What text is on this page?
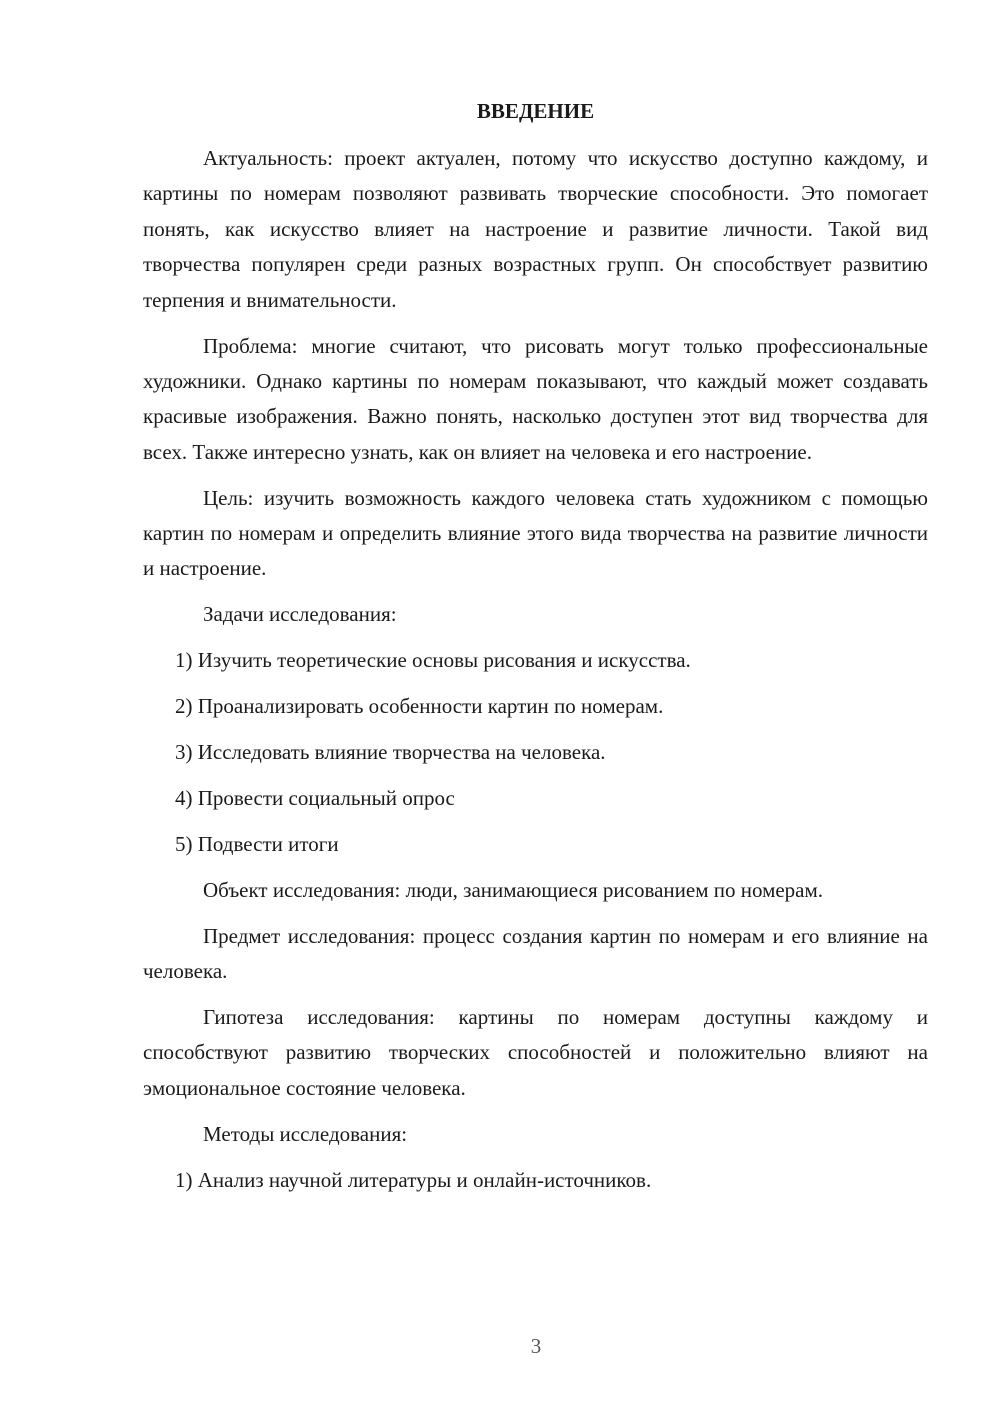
ВВЕДЕНИЕ

Актуальность: проект актуален, потому что искусство доступно каждому, и картины по номерам позволяют развивать творческие способности. Это помогает понять, как искусство влияет на настроение и развитие личности. Такой вид творчества популярен среди разных возрастных групп. Он способствует развитию терпения и внимательности.

Проблема: многие считают, что рисовать могут только профессиональные художники. Однако картины по номерам показывают, что каждый может создавать красивые изображения. Важно понять, насколько доступен этот вид творчества для всех. Также интересно узнать, как он влияет на человека и его настроение.

Цель: изучить возможность каждого человека стать художником с помощью картин по номерам и определить влияние этого вида творчества на развитие личности и настроение.

Задачи исследования:

1) Изучить теоретические основы рисования и искусства.

2) Проанализировать особенности картин по номерам.

3) Исследовать влияние творчества на человека.

4) Провести социальный опрос

5) Подвести итоги

Объект исследования: люди, занимающиеся рисованием по номерам.

Предмет исследования: процесс создания картин по номерам и его влияние на человека.

Гипотеза исследования: картины по номерам доступны каждому и способствуют развитию творческих способностей и положительно влияют на эмоциональное состояние человека.

Методы исследования:

1) Анализ научной литературы и онлайн-источников.

3
